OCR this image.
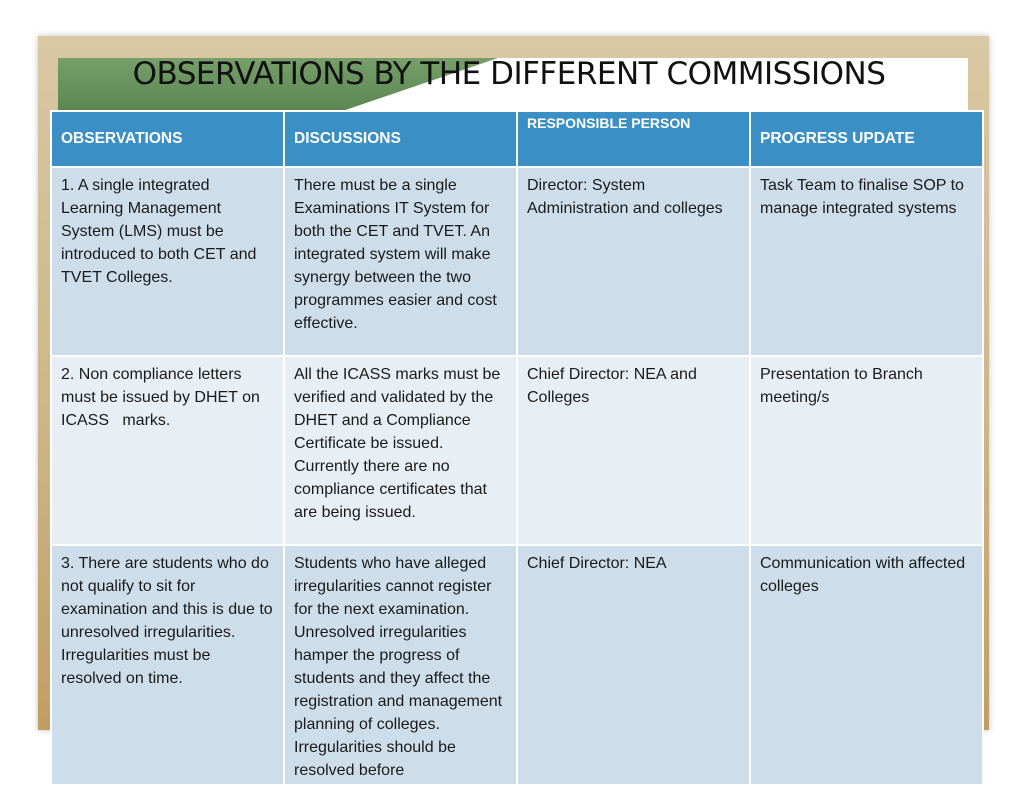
OBSERVATIONS BY THE DIFFERENT COMMISSIONS
OBSERVATIONS	DISCUSSIONS	RESPONSIBLE PERSON	PROGRESS UPDATE

1. A single integrated Learning Management System (LMS) must be introduced to both CET and TVET Colleges.	There must be a single Examinations IT System for both the CET and TVET. An integrated system will make synergy between the two programmes easier and cost effective.	Director: System Administration and colleges	Task Team to finalise SOP to manage integrated systems

2. Non compliance letters must be issued by DHET on ICASS   marks.	All the ICASS marks must be verified and validated by the DHET and a Compliance Certificate be issued. Currently there are no compliance certificates that are being issued.	Chief Director: NEA and Colleges	Presentation to Branch meeting/s

3. There are students who do not qualify to sit for examination and this is due to unresolved irregularities. Irregularities must be resolved on time.	Students who have alleged irregularities cannot register for the next examination. Unresolved irregularities hamper the progress of students and they affect the registration and management planning of colleges. Irregularities should be resolved before	Chief Director: NEA	Communication with affected colleges
